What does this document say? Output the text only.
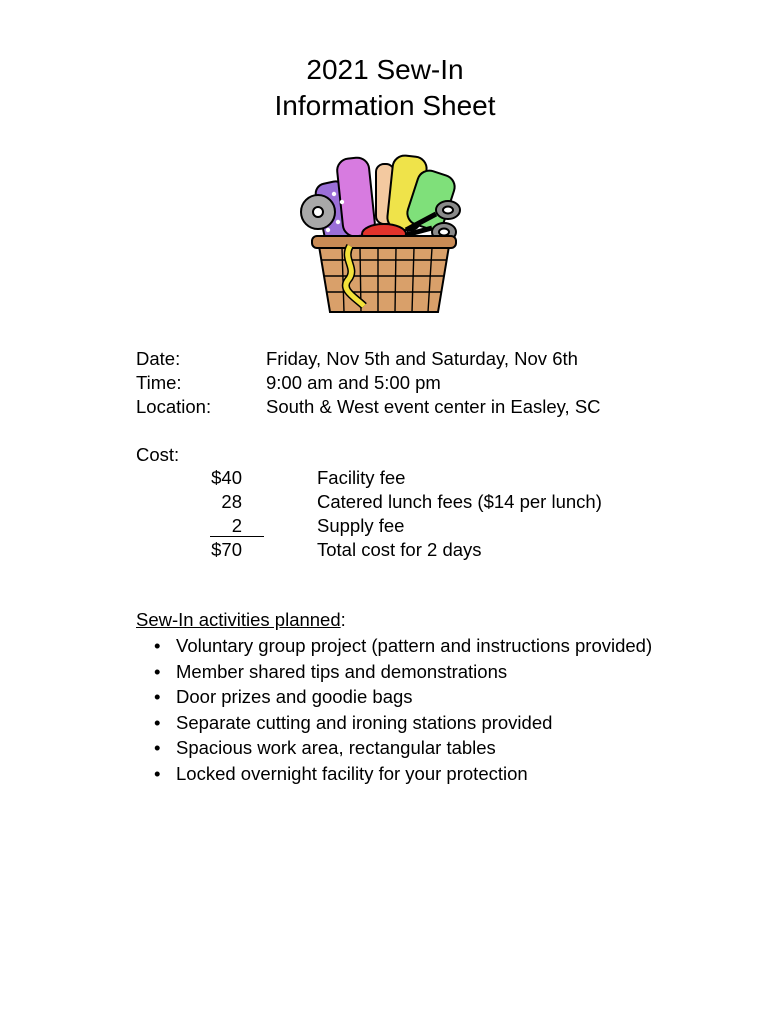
2021 Sew-In
Information Sheet
Date:	Friday, Nov 5th and Saturday, Nov 6th
Time:	9:00 am and 5:00 pm
Location:	South & West event center in Easley, SC
Cost:
$40	Facility fee
28	Catered lunch fees ($14 per lunch)
2	Supply fee
$70	Total cost for 2 days
Sew-In activities planned:
• Voluntary group project (pattern and instructions provided)
• Member shared tips and demonstrations
• Door prizes and goodie bags
• Separate cutting and ironing stations provided
• Spacious work area, rectangular tables
• Locked overnight facility for your protection
